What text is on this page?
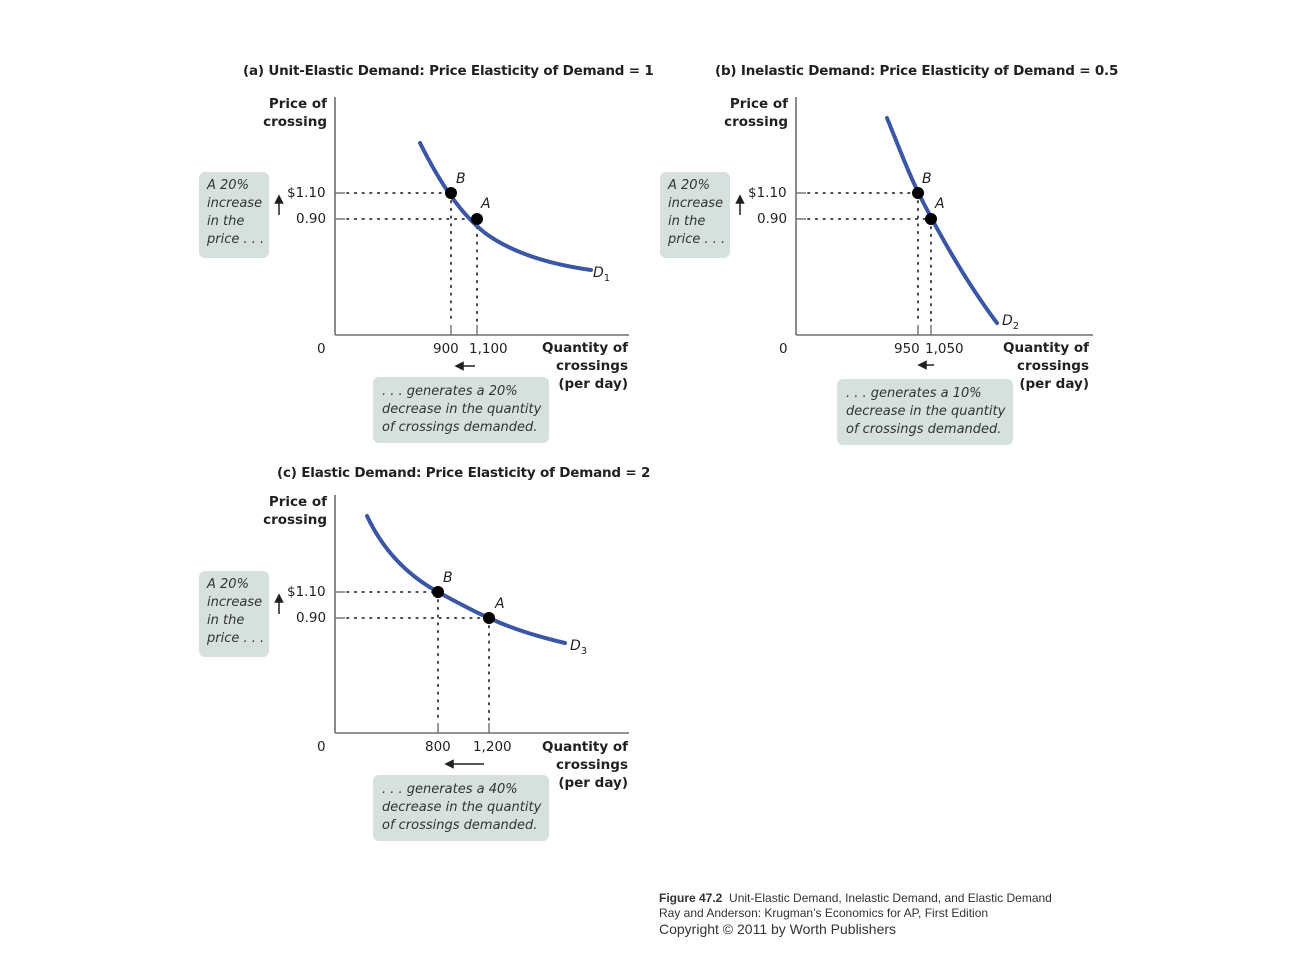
(a) Unit-Elastic Demand: Price Elasticity of Demand = 1
Price of
crossing
B
A
$D_1$
$1.10
0.90
0	900 1,100	Quantity of
crossings
(per day)
A 20%
increase
in the
price . . .
. . . generates a 20%
decrease in the quantity
of crossings demanded.
(b) Inelastic Demand: Price Elasticity of Demand = 0.5
Price of
crossing
B
A
$D_2$
$1.10
0.90
0	950 1,050	Quantity of
crossings
(per day)
A 20%
increase
in the
price . . .
. . . generates a 10%
decrease in the quantity
of crossings demanded.
(c) Elastic Demand: Price Elasticity of Demand = 2
Price of
crossing
B
A
$D_3$
$1.10
0.90
0	800 1,200 Quantity of
crossings
(per day)
A 20%
increase
in the
price . . .
. . . generates a 40%
decrease in the quantity
of crossings demanded.
Figure 47.2 Unit-Elastic Demand, Inelastic Demand, and Elastic Demand
Ray and Anderson: Krugman’s Economics for AP, First Edition
Copyright © 2011 by Worth Publishers
